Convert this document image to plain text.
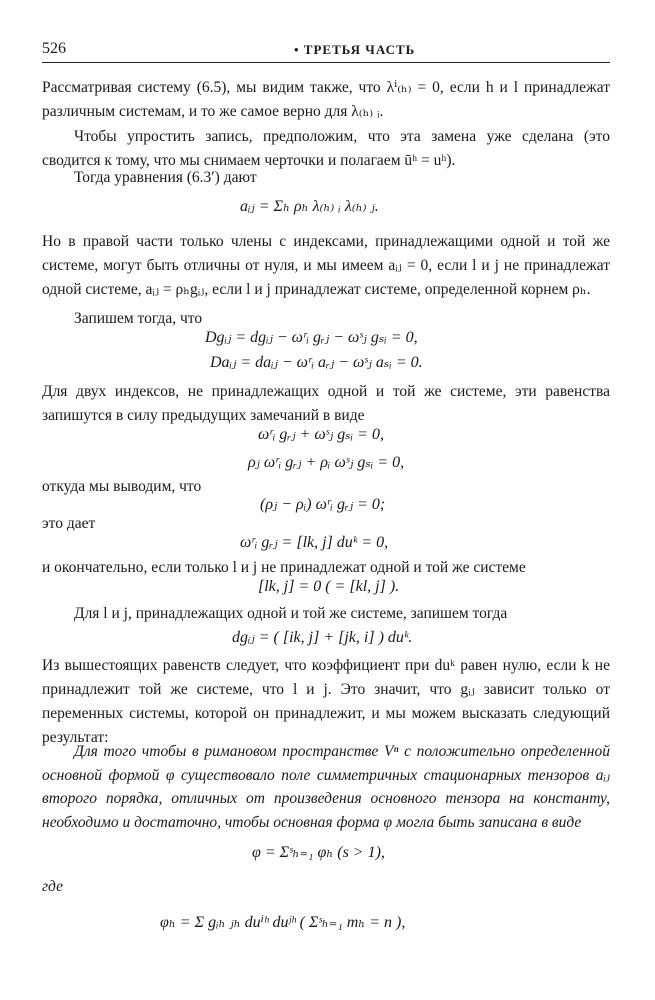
526	• ТРЕТЬЯ ЧАСТЬ

Рассматривая систему (6.5), мы видим также, что λⁱ₍ₕ₎ = 0, если h и l принадлежат различным системам, и то же самое верно для λ₍ₕ₎ ᵢ.

Чтобы упростить запись, предположим, что эта замена уже сделана (это сводится к тому, что мы снимаем черточки и полагаем ūʰ = uʰ).

Тогда уравнения (6.3′) дают

aᵢⱼ = Σₕ ρₕ λ₍ₕ₎ ᵢ λ₍ₕ₎ ⱼ.

Но в правой части только члены с индексами, принадлежащими одной и той же системе, могут быть отличны от нуля, и мы имеем aᵢⱼ = 0, если l и j не принадлежат одной системе, aᵢⱼ = ρₕgᵢⱼ, если l и j принадлежат системе, определенной корнем ρₕ.

Запишем тогда, что

Dgᵢⱼ = dgᵢⱼ − ωʳᵢ gᵣⱼ − ωˢⱼ gₛᵢ = 0,
Daᵢⱼ = daᵢⱼ − ωʳᵢ aᵣⱼ − ωˢⱼ aₛᵢ = 0.

Для двух индексов, не принадлежащих одной и той же системе, эти равенства запишутся в силу предыдущих замечаний в виде

ωʳᵢ gᵣⱼ + ωˢⱼ gₛᵢ = 0,
ρⱼ ωʳᵢ gᵣⱼ + ρᵢ ωˢⱼ gₛᵢ = 0,

откуда мы выводим, что

(ρⱼ − ρᵢ) ωʳᵢ gᵣⱼ = 0;

это дает

ωʳᵢ gᵣⱼ = [lk, j] duᵏ = 0,

и окончательно, если только l и j не принадлежат одной и той же системе

[lk, j] = 0 ( = [kl, j] ).

Для l и j, принадлежащих одной и той же системе, запишем тогда

dgᵢⱼ = ( [ik, j] + [jk, i] ) duᵏ.

Из вышестоящих равенств следует, что коэффициент при duᵏ равен нулю, если k не принадлежит той же системе, что l и j. Это значит, что gᵢⱼ зависит только от переменных системы, которой он принадлежит, и мы можем высказать следующий результат:

Для того чтобы в римановом пространстве Vⁿ с положительно определенной основной формой φ существовало поле симметричных стационарных тензоров aᵢⱼ второго порядка, отличных от произведения основного тензора на константу, необходимо и достаточно, чтобы основная форма φ могла быть записана в виде

φ = Σˢₕ₌₁ φₕ (s > 1),

где

φₕ = Σ gᵢₕ ⱼₕ duⁱʰ duʲʰ ( Σˢₕ₌₁ mₕ = n ),
